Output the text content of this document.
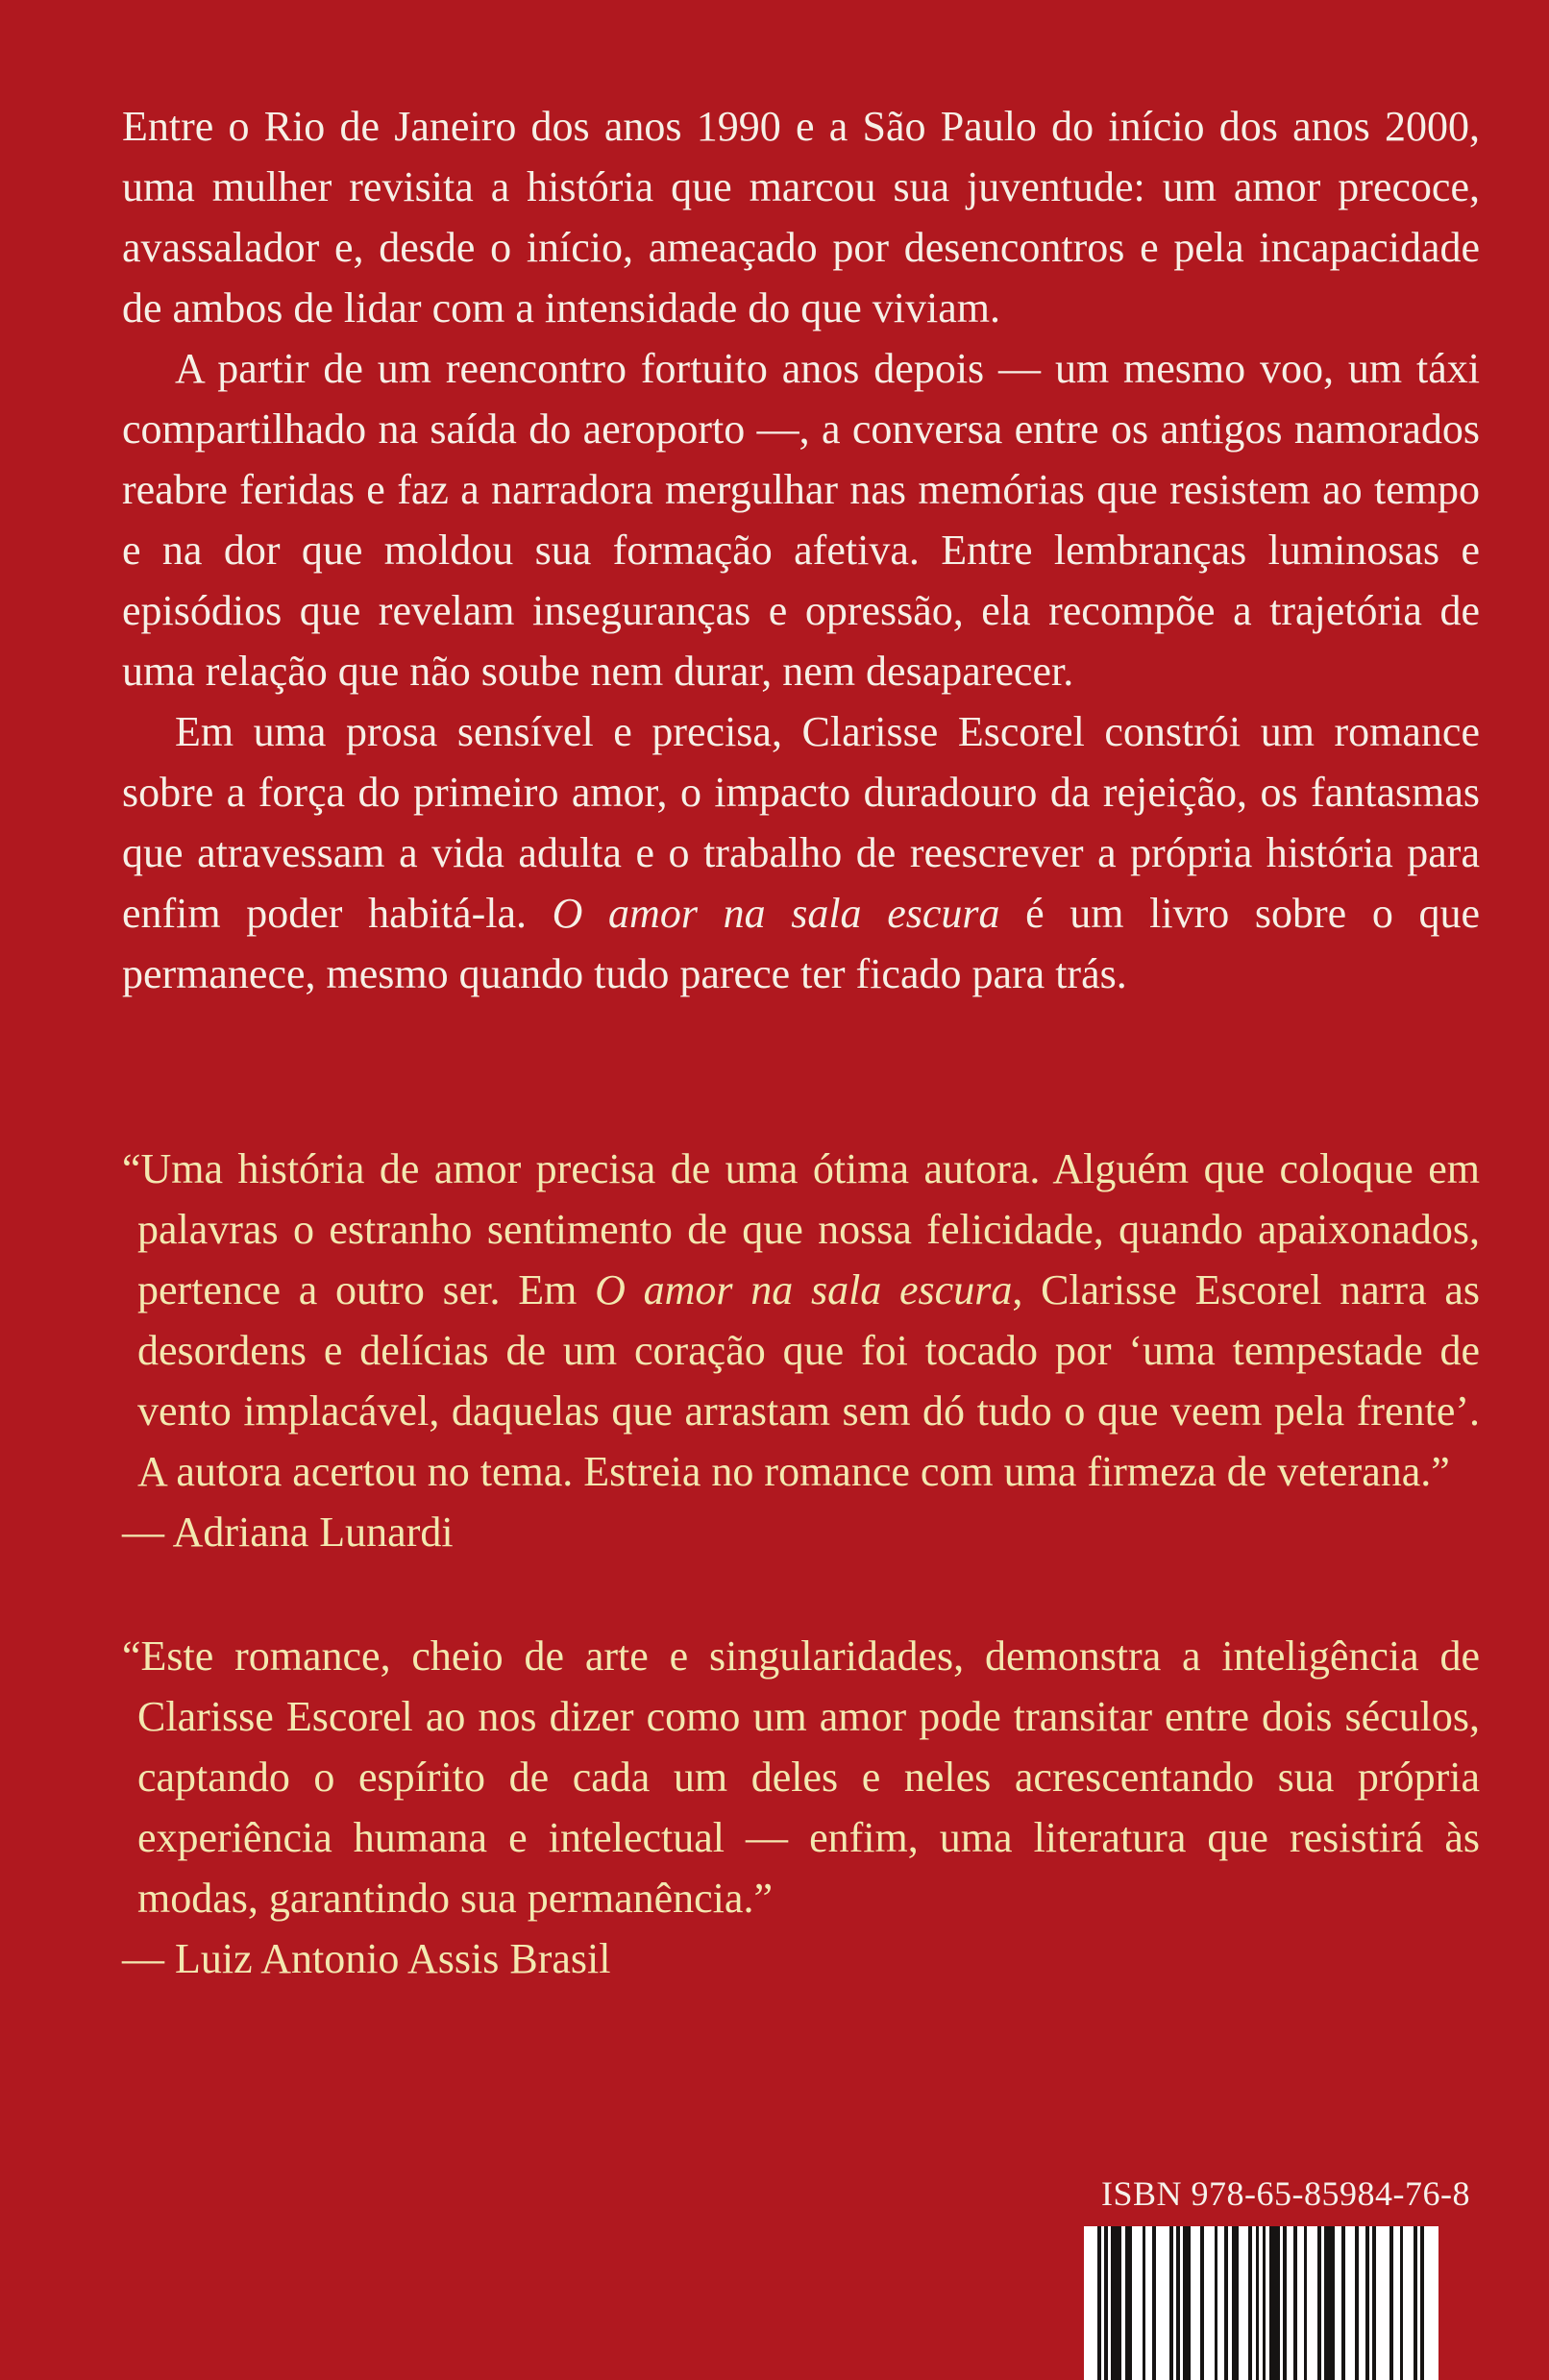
Entre o Rio de Janeiro dos anos 1990 e a São Paulo do início dos anos 2000, uma mulher revisita a história que marcou sua juventude: um amor precoce, avassalador e, desde o início, ameaçado por desencontros e pela incapacidade de ambos de lidar com a intensidade do que viviam.

A partir de um reencontro fortuito anos depois — um mesmo voo, um táxi compartilhado na saída do aeroporto —, a conversa entre os antigos namorados reabre feridas e faz a narradora mergulhar nas memórias que resistem ao tempo e na dor que moldou sua formação afetiva. Entre lembranças luminosas e episódios que revelam inseguranças e opressão, ela recompõe a trajetória de uma relação que não soube nem durar, nem desaparecer.

Em uma prosa sensível e precisa, Clarisse Escorel constrói um romance sobre a força do primeiro amor, o impacto duradouro da rejeição, os fantasmas que atravessam a vida adulta e o trabalho de reescrever a própria história para enfim poder habitá-la. O amor na sala escura é um livro sobre o que permanece, mesmo quando tudo parece ter ficado para trás.

“Uma história de amor precisa de uma ótima autora. Alguém que coloque em palavras o estranho sentimento de que nossa felicidade, quando apaixonados, pertence a outro ser. Em O amor na sala escura, Clarisse Escorel narra as desordens e delícias de um coração que foi tocado por ‘uma tempestade de vento implacável, daquelas que arrastam sem dó tudo o que veem pela frente’. A autora acertou no tema. Estreia no romance com uma firmeza de veterana.”

— Adriana Lunardi

“Este romance, cheio de arte e singularidades, demonstra a inteligência de Clarisse Escorel ao nos dizer como um amor pode transitar entre dois séculos, captando o espírito de cada um deles e neles acrescentando sua própria experiência humana e intelectual — enfim, uma literatura que resistirá às modas, garantindo sua permanência.”

— Luiz Antonio Assis Brasil

ISBN 978-65-85984-76-8
